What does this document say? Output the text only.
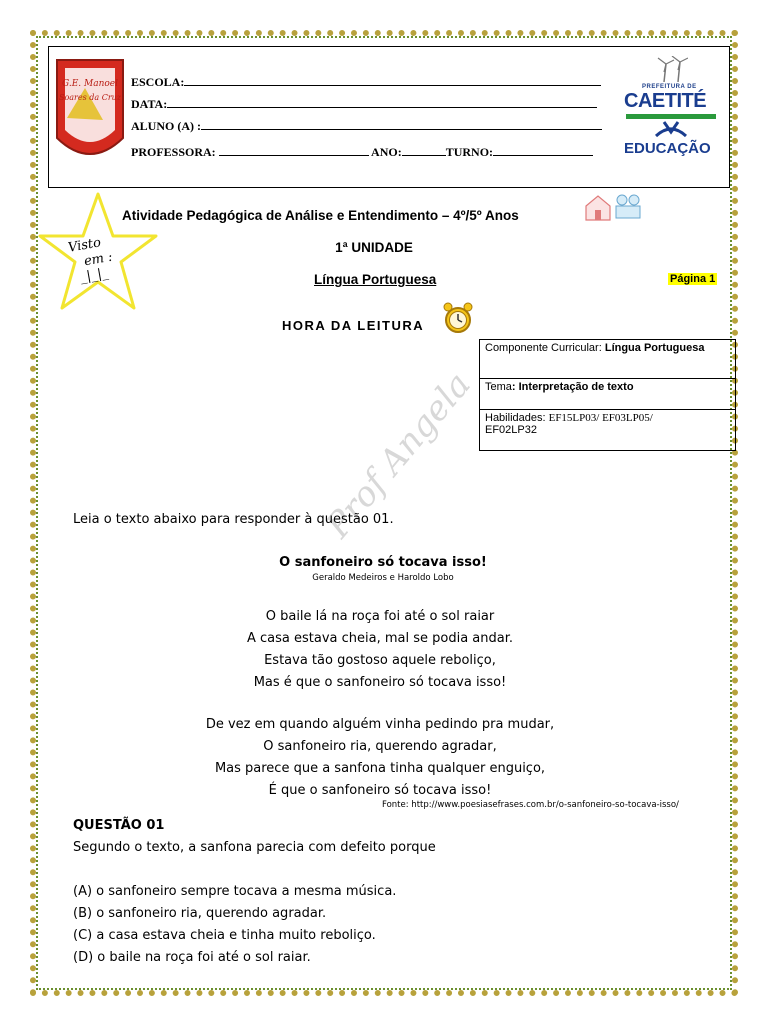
G.E. Manoel
Soares da Cruz
ESCOLA:
DATA:
ALUNO (A) :
PROFESSORA:	ANO:	TURNO:
PREFEITURA DE
CAETITÉ
EDUCAÇÃO
Visto
em :
_|_|_
Atividade Pedagógica de Análise e Entendimento – 4º/5º Anos
1ª UNIDADE
Língua Portuguesa	Página 1
HORA DA LEITURA
Componente Curricular: Língua Portuguesa
Tema: Interpretação de texto
Habilidades: EF15LP03/ EF03LP05/
EF02LP32
Prof Angela
Leia o texto abaixo para responder à questão 01.
O sanfoneiro só tocava isso!
Geraldo Medeiros e Haroldo Lobo
O baile lá na roça foi até o sol raiar
A casa estava cheia, mal se podia andar.
Estava tão gostoso aquele reboliço,
Mas é que o sanfoneiro só tocava isso!
De vez em quando alguém vinha pedindo pra mudar,
O sanfoneiro ria, querendo agradar,
Mas parece que a sanfona tinha qualquer enguiço,
É que o sanfoneiro só tocava isso!
Fonte: http://www.poesiasefrases.com.br/o-sanfoneiro-so-tocava-isso/
QUESTÃO 01
Segundo o texto, a sanfona parecia com defeito porque
(A) o sanfoneiro sempre tocava a mesma música.
(B) o sanfoneiro ria, querendo agradar.
(C) a casa estava cheia e tinha muito reboliço.
(D) o baile na roça foi até o sol raiar.
